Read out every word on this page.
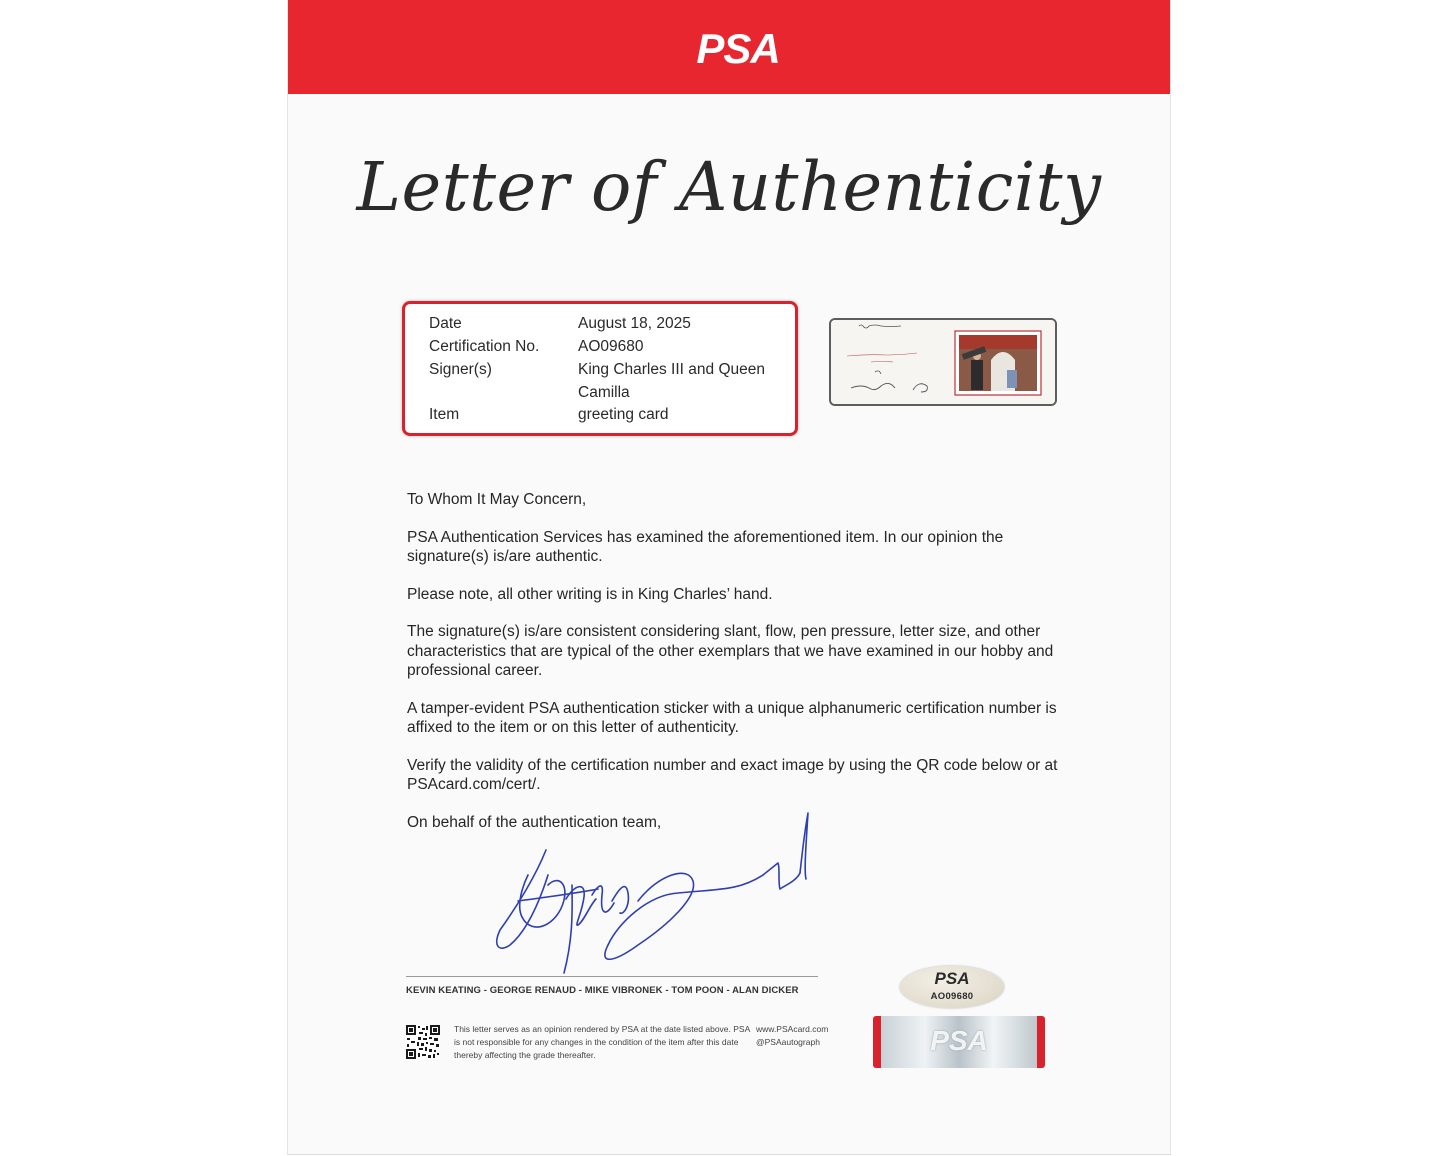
PSA
Letter of Authenticity
Date	August 18, 2025
Certification No. AO09680
Signer(s)	King Charles III and Queen
Camilla
Item	greeting card

To Whom It May Concern,

PSA Authentication Services has examined the aforementioned item. In our opinion the signature(s) is/are authentic.

Please note, all other writing is in King Charles’ hand.

The signature(s) is/are consistent considering slant, flow, pen pressure, letter size, and other characteristics that are typical of the other exemplars that we have examined in our hobby and professional career.

A tamper-evident PSA authentication sticker with a unique alphanumeric certification number is affixed to the item or on this letter of authenticity.

Verify the validity of the certification number and exact image by using the QR code below or at PSAcard.com/cert/.

On behalf of the authentication team,

KEVIN KEATING - GEORGE RENAUD - MIKE VIBRONEK - TOM POON - ALAN DICKER
This letter serves as an opinion rendered by PSA at the date listed above. PSA is not responsible for any changes in the condition of the item after this date thereby affecting the grade thereafter.
www.PSAcard.com
@PSAautograph
PSA
AO09680
PSA
